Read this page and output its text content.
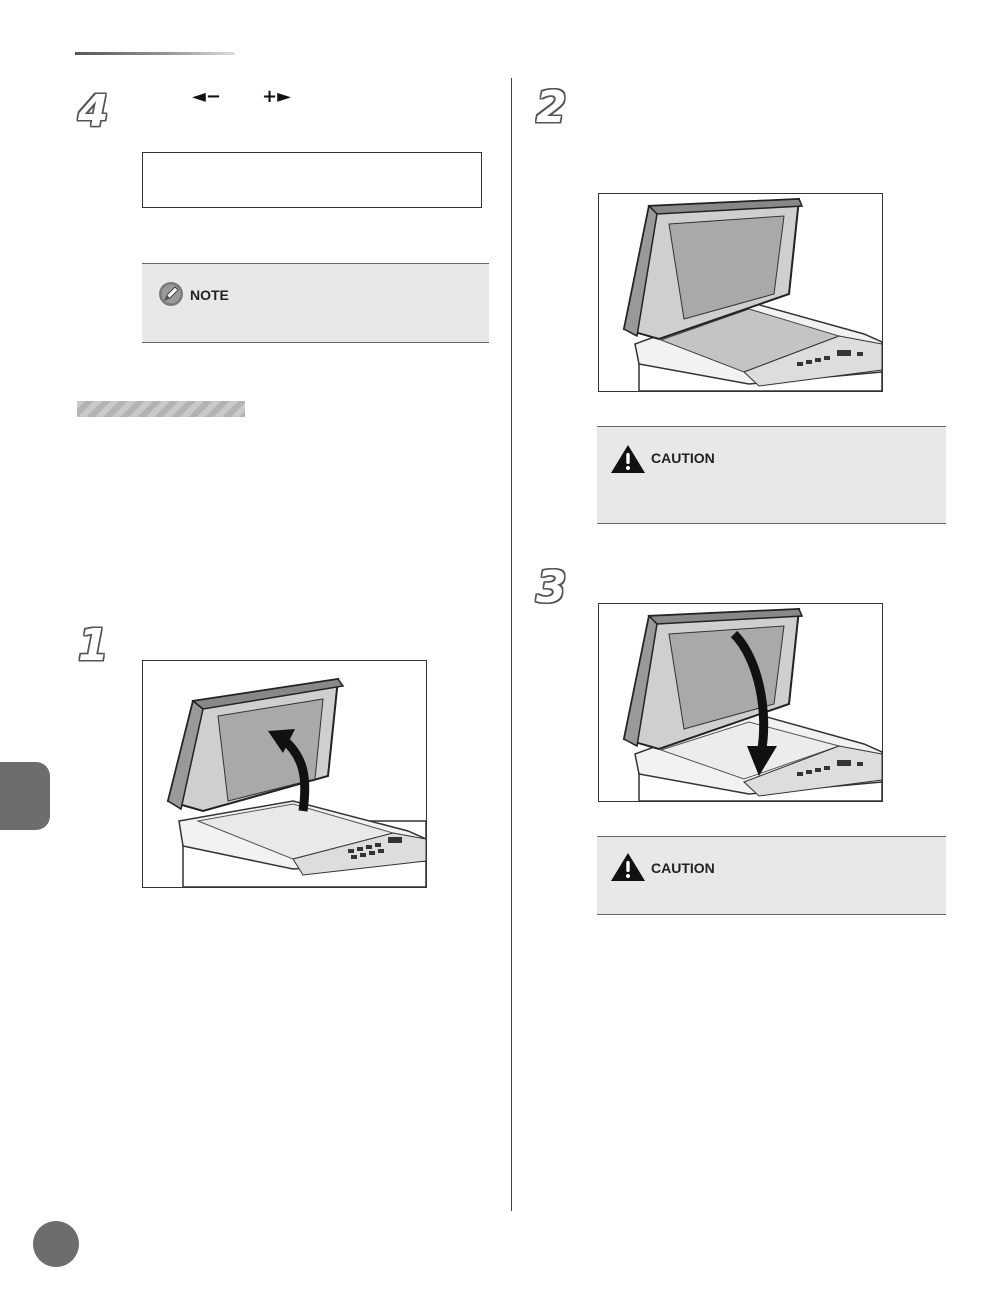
4	◄− +►
NOTE
1
2
CAUTION
3
CAUTION
